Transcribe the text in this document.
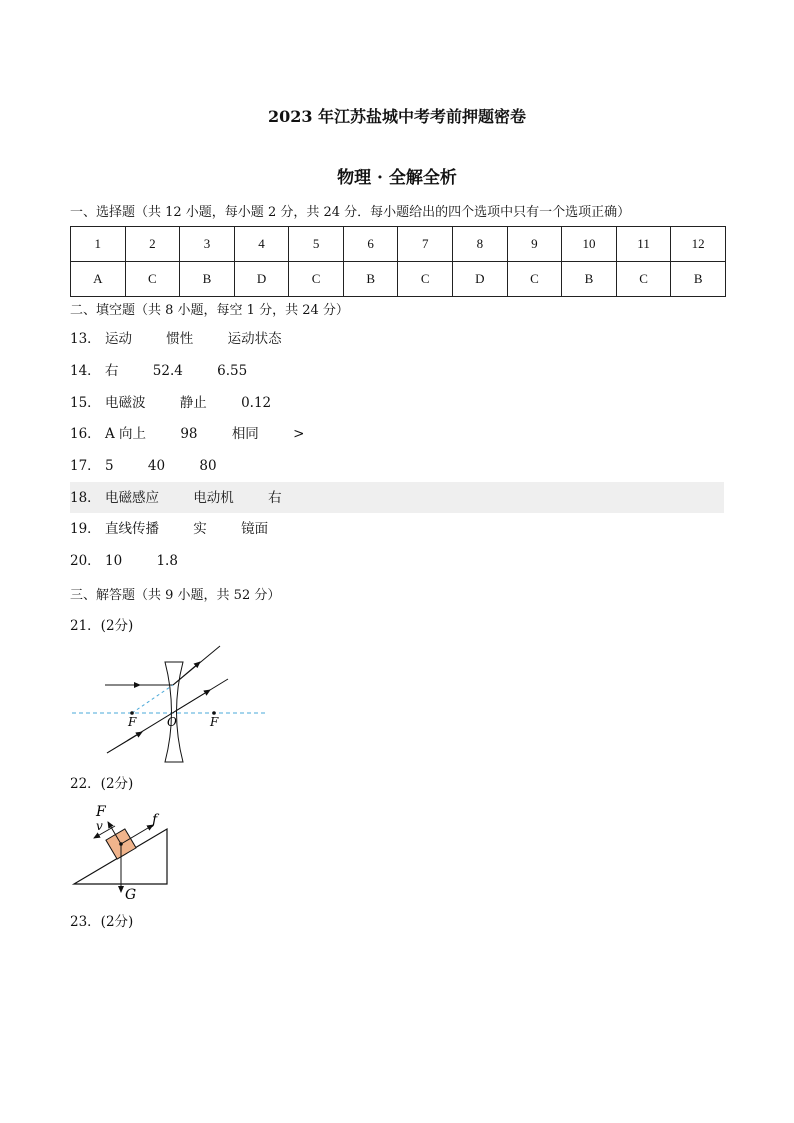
2023 年江苏盐城中考考前押题密卷
物理 · 全解全析
一、选择题（共 12 小题，每小题 2 分，共 24 分．每小题给出的四个选项中只有一个选项正确）
1	2	3	4	5	6	7	8	9	10	11	12
A	C	B	D	C	B	C	D	C	B	C	B
二、填空题（共 8 小题，每空 1 分，共 24 分）
13． 运动	惯性	运动状态
14． 右	52.4	6.55
15． 电磁波	静止	0.12
16． A 向上	98	相同	>
17． 5	40	80
18． 电磁感应	电动机	右
19． 直线传播	实	镜面
20． 10	1.8
三、解答题（共 9 小题，共 52 分）
21．(2分)
F	O	F
22．(2分)
F
v	f
G
23．(2分)
